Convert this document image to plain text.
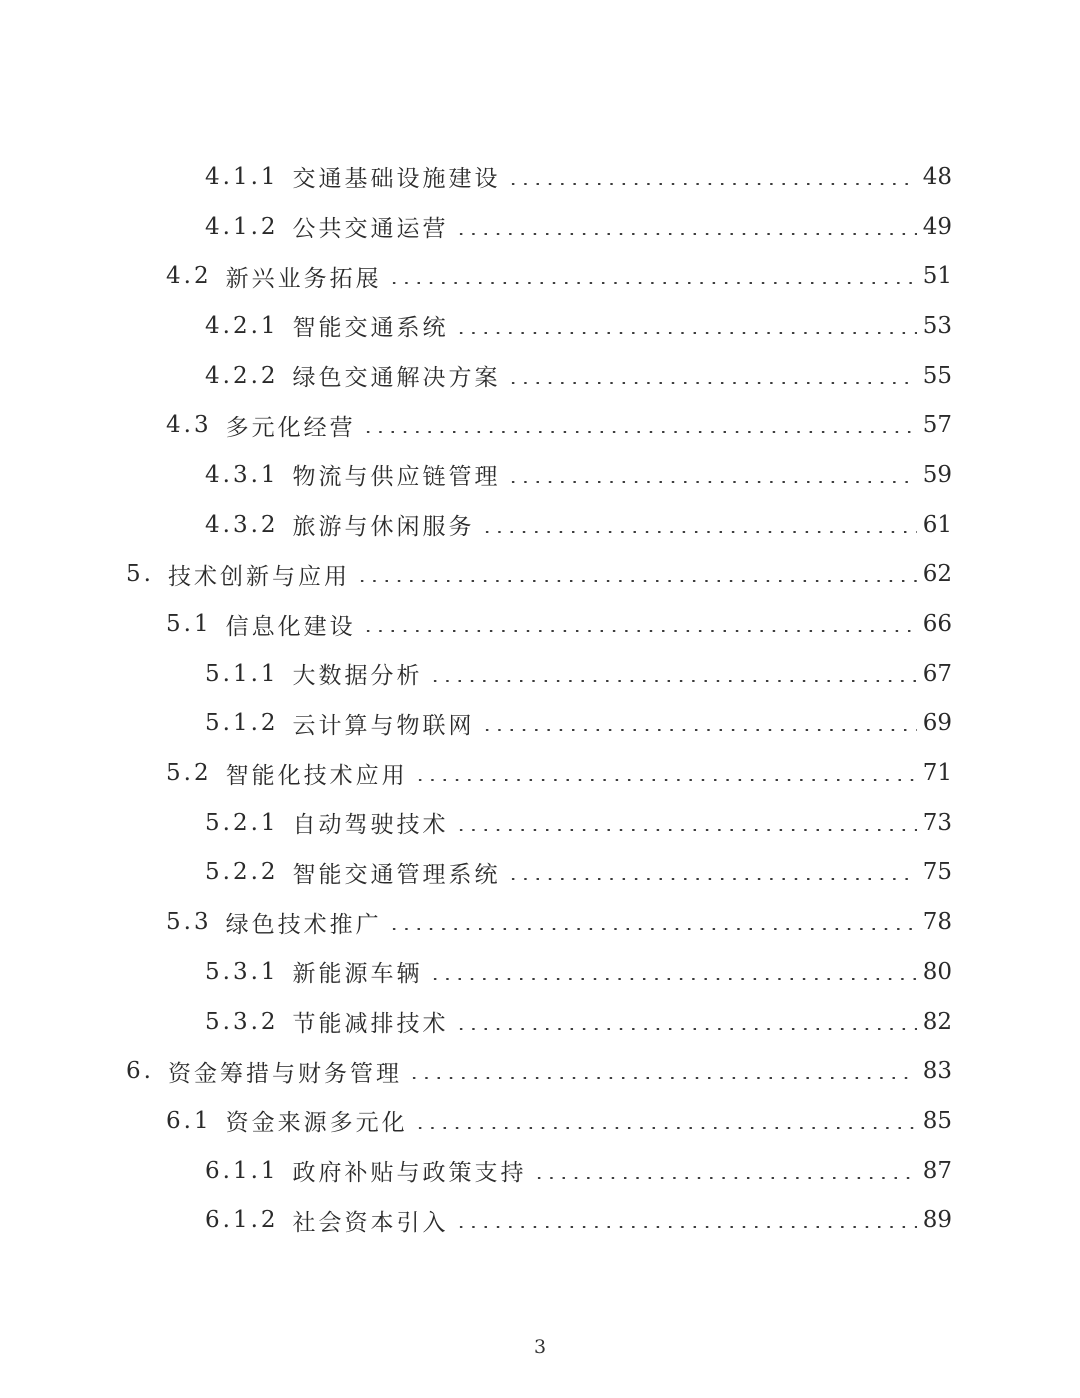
4.1.1 交通基础设施建设	48
4.1.2 公共交通运营	49
4.2 新兴业务拓展	51
4.2.1 智能交通系统	53
4.2.2 绿色交通解决方案	55
4.3 多元化经营	57
4.3.1 物流与供应链管理	59
4.3.2 旅游与休闲服务	61
5. 技术创新与应用	62
5.1 信息化建设	66
5.1.1 大数据分析	67
5.1.2 云计算与物联网	69
5.2 智能化技术应用	71
5.2.1 自动驾驶技术	73
5.2.2 智能交通管理系统	75
5.3 绿色技术推广	78
5.3.1 新能源车辆	80
5.3.2 节能减排技术	82
6. 资金筹措与财务管理	83
6.1 资金来源多元化	85
6.1.1 政府补贴与政策支持	87
6.1.2 社会资本引入	89
3
